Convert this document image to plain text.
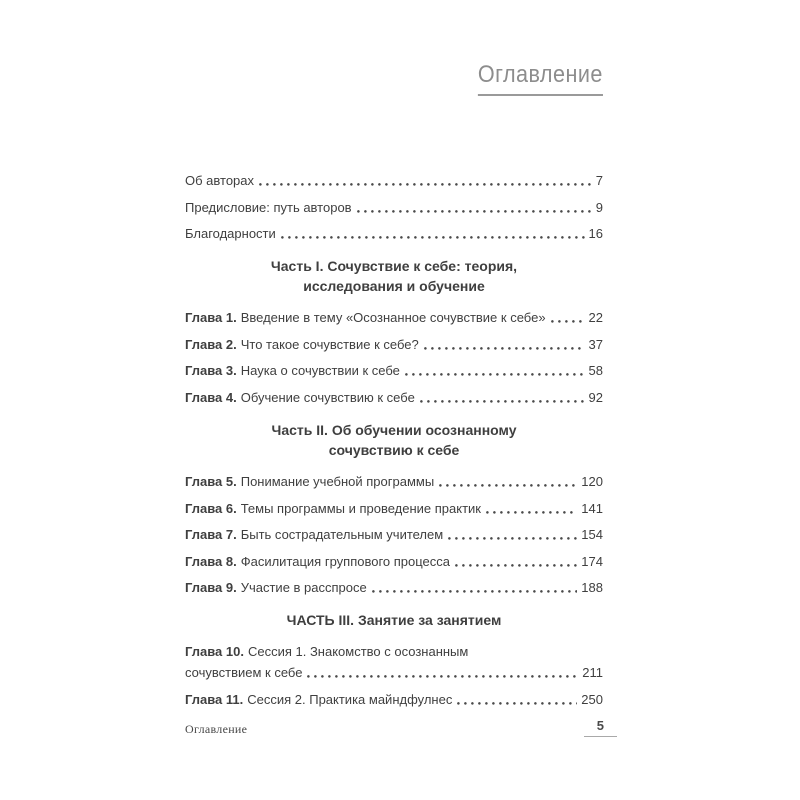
Оглавление
Об авторах	7
Предисловие: путь авторов	9
Благодарности	16
Часть I. Сочувствие к себе: теория,
исследования и обучение
Глава 1. Введение в тему «Осознанное сочувствие к себе»	22
Глава 2. Что такое сочувствие к себе?	37
Глава 3. Наука о сочувствии к себе	58
Глава 4. Обучение сочувствию к себе	92
Часть II. Об обучении осознанному
сочувствию к себе
Глава 5. Понимание учебной программы	120
Глава 6. Темы программы и проведение практик	141
Глава 7. Быть сострадательным учителем	154
Глава 8. Фасилитация группового процесса	174
Глава 9. Участие в расспросе	188
ЧАСТЬ III. Занятие за занятием
Глава 10. Сессия 1. Знакомство с осознанным
сочувствием к себе	211
Глава 11. Сессия 2. Практика майндфулнес	250
Оглавление	5
